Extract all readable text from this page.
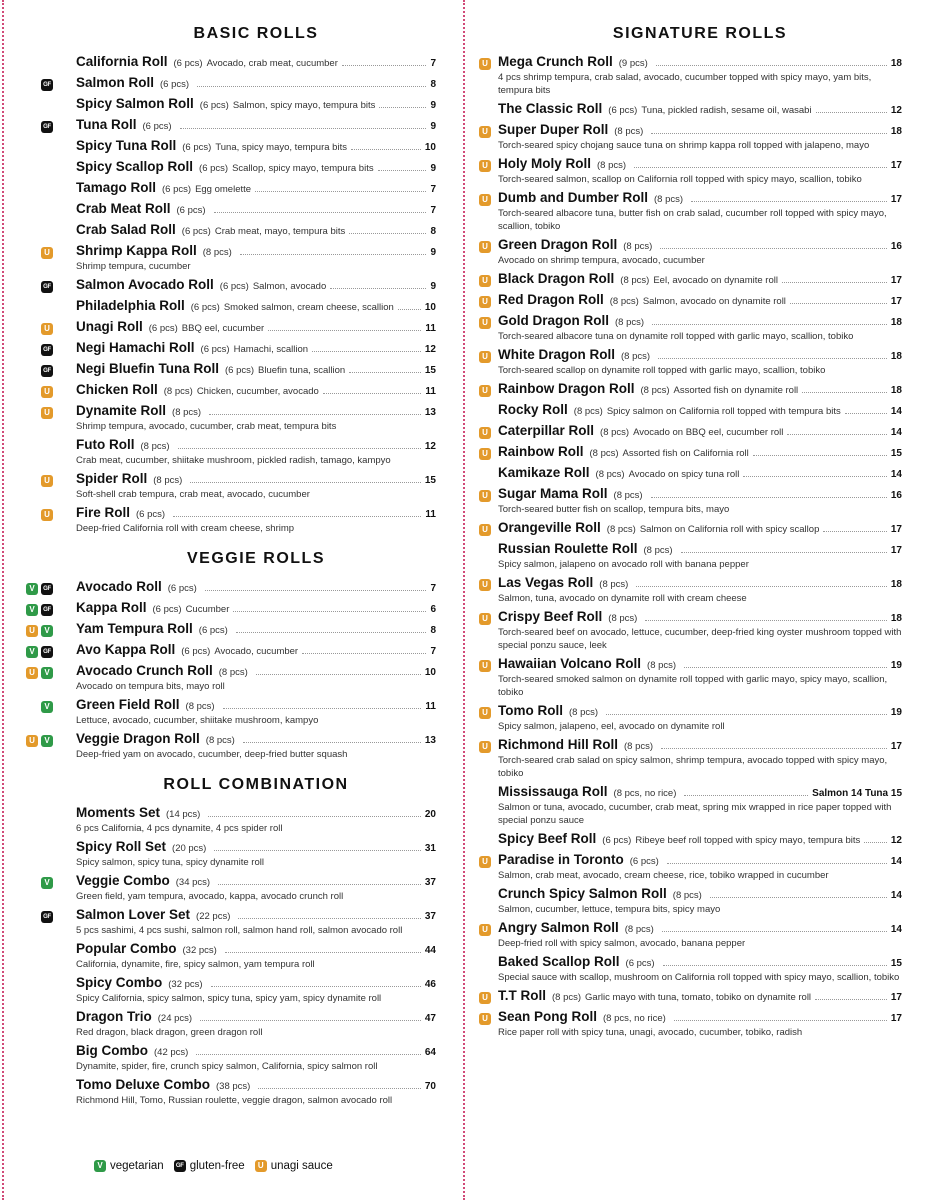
BASIC ROLLS
California Roll (6 pcs) Avocado, crab meat, cucumber	7
GF Salmon Roll (6 pcs)	8
Spicy Salmon Roll (6 pcs) Salmon, spicy mayo, tempura bits	9
GF Tuna Roll (6 pcs)	9
Spicy Tuna Roll (6 pcs) Tuna, spicy mayo, tempura bits	10
Spicy Scallop Roll (6 pcs) Scallop, spicy mayo, tempura bits	9
Tamago Roll (6 pcs) Egg omelette	7
Crab Meat Roll (6 pcs)	7
Crab Salad Roll (6 pcs) Crab meat, mayo, tempura bits	8
U Shrimp Kappa Roll (8 pcs)	9
Shrimp tempura, cucumber
GF Salmon Avocado Roll (6 pcs) Salmon, avocado	9
Philadelphia Roll (6 pcs) Smoked salmon, cream cheese, scallion	10
U Unagi Roll (6 pcs) BBQ eel, cucumber	11
GF Negi Hamachi Roll (6 pcs) Hamachi, scallion	12
GF Negi Bluefin Tuna Roll (6 pcs) Bluefin tuna, scallion	15
U Chicken Roll (8 pcs) Chicken, cucumber, avocado	11
U Dynamite Roll (8 pcs)	13
Shrimp tempura, avocado, cucumber, crab meat, tempura bits
Futo Roll (8 pcs)	12
Crab meat, cucumber, shiitake mushroom, pickled radish, tamago, kampyo
U Spider Roll (8 pcs)	15
Soft-shell crab tempura, crab meat, avocado, cucumber
U Fire Roll (6 pcs)	11
Deep-fried California roll with cream cheese, shrimp
VEGGIE ROLLS
V	GF Avocado Roll (6 pcs)	7
V	GF Kappa Roll (6 pcs) Cucumber	6
U	V Yam Tempura Roll (6 pcs)	8
V	GF Avo Kappa Roll (6 pcs) Avocado, cucumber	7
U	V Avocado Crunch Roll (8 pcs)	10
Avocado on tempura bits, mayo roll
V Green Field Roll (8 pcs)	11
Lettuce, avocado, cucumber, shiitake mushroom, kampyo
U	V Veggie Dragon Roll (8 pcs)	13
Deep-fried yam on avocado, cucumber, deep-fried butter squash
ROLL COMBINATION
Moments Set (14 pcs)	20
6 pcs California, 4 pcs dynamite, 4 pcs spider roll
Spicy Roll Set (20 pcs)	31
Spicy salmon, spicy tuna, spicy dynamite roll
V Veggie Combo (34 pcs)	37
Green field, yam tempura, avocado, kappa, avocado crunch roll
GF Salmon Lover Set (22 pcs)	37
5 pcs sashimi, 4 pcs sushi, salmon roll, salmon hand roll, salmon avocado roll
Popular Combo (32 pcs)	44
California, dynamite, fire, spicy salmon, yam tempura roll
Spicy Combo (32 pcs)	46
Spicy California, spicy salmon, spicy tuna, spicy yam, spicy dynamite roll
Dragon Trio (24 pcs)	47
Red dragon, black dragon, green dragon roll
Big Combo (42 pcs)	64
Dynamite, spider, fire, crunch spicy salmon, California, spicy salmon roll
Tomo Deluxe Combo (38 pcs)	70
Richmond Hill, Tomo, Russian roulette, veggie dragon, salmon avocado roll
SIGNATURE ROLLS
U Mega Crunch Roll (9 pcs)	18
4 pcs shrimp tempura, crab salad, avocado, cucumber topped with spicy mayo, yam bits, tempura bits
The Classic Roll (6 pcs) Tuna, pickled radish, sesame oil, wasabi	12
U Super Duper Roll (8 pcs)	18
Torch-seared spicy chojang sauce tuna on shrimp kappa roll topped with jalapeno, mayo
U Holy Moly Roll (8 pcs)	17
Torch-seared salmon, scallop on California roll topped with spicy mayo, scallion, tobiko
U Dumb and Dumber Roll (8 pcs)	17
Torch-seared albacore tuna, butter fish on crab salad, cucumber roll topped with spicy mayo, scallion, tobiko
U Green Dragon Roll (8 pcs)	16
Avocado on shrimp tempura, avocado, cucumber
U Black Dragon Roll (8 pcs) Eel, avocado on dynamite roll	17
U Red Dragon Roll (8 pcs) Salmon, avocado on dynamite roll	17
U Gold Dragon Roll (8 pcs)	18
Torch-seared albacore tuna on dynamite roll topped with garlic mayo, scallion, tobiko
U White Dragon Roll (8 pcs)	18
Torch-seared scallop on dynamite roll topped with garlic mayo, scallion, tobiko
U Rainbow Dragon Roll (8 pcs) Assorted fish on dynamite roll	18
Rocky Roll (8 pcs) Spicy salmon on California roll topped with tempura bits	14
U Caterpillar Roll (8 pcs) Avocado on BBQ eel, cucumber roll	14
U Rainbow Roll (8 pcs) Assorted fish on California roll	15
Kamikaze Roll (8 pcs) Avocado on spicy tuna roll	14
U Sugar Mama Roll (8 pcs)	16
Torch-seared butter fish on scallop, tempura bits, mayo
U Orangeville Roll (8 pcs) Salmon on California roll with spicy scallop	17
Russian Roulette Roll (8 pcs)	17
Spicy salmon, jalapeno on avocado roll with banana pepper
U Las Vegas Roll (8 pcs)	18
Salmon, tuna, avocado on dynamite roll with cream cheese
U Crispy Beef Roll (8 pcs)	18
Torch-seared beef on avocado, lettuce, cucumber, deep-fried king oyster mushroom topped with special ponzu sauce, leek
U Hawaiian Volcano Roll (8 pcs)	19
Torch-seared smoked salmon on dynamite roll topped with garlic mayo, spicy mayo, scallion, tobiko
U Tomo Roll (8 pcs)	19
Spicy salmon, jalapeno, eel, avocado on dynamite roll
U Richmond Hill Roll (8 pcs)	17
Torch-seared crab salad on spicy salmon, shrimp tempura, avocado topped with spicy mayo, tobiko
Mississauga Roll (8 pcs, no rice)	Salmon 14 Tuna 15
Salmon or tuna, avocado, cucumber, crab meat, spring mix wrapped in rice paper topped with special ponzu sauce
Spicy Beef Roll (6 pcs) Ribeye beef roll topped with spicy mayo, tempura bits	12
U Paradise in Toronto (6 pcs)	14
Salmon, crab meat, avocado, cream cheese, rice, tobiko wrapped in cucumber
Crunch Spicy Salmon Roll (8 pcs)	14
Salmon, cucumber, lettuce, tempura bits, spicy mayo
U Angry Salmon Roll (8 pcs)	14
Deep-fried roll with spicy salmon, avocado, banana pepper
Baked Scallop Roll (6 pcs)	15
Special sauce with scallop, mushroom on California roll topped with spicy mayo, scallion, tobiko
U T.T Roll (8 pcs) Garlic mayo with tuna, tomato, tobiko on dynamite roll	17
U Sean Pong Roll (8 pcs, no rice)	17
Rice paper roll with spicy tuna, unagi, avocado, cucumber, tobiko, radish
V vegetarian	GF gluten-free	U unagi sauce
